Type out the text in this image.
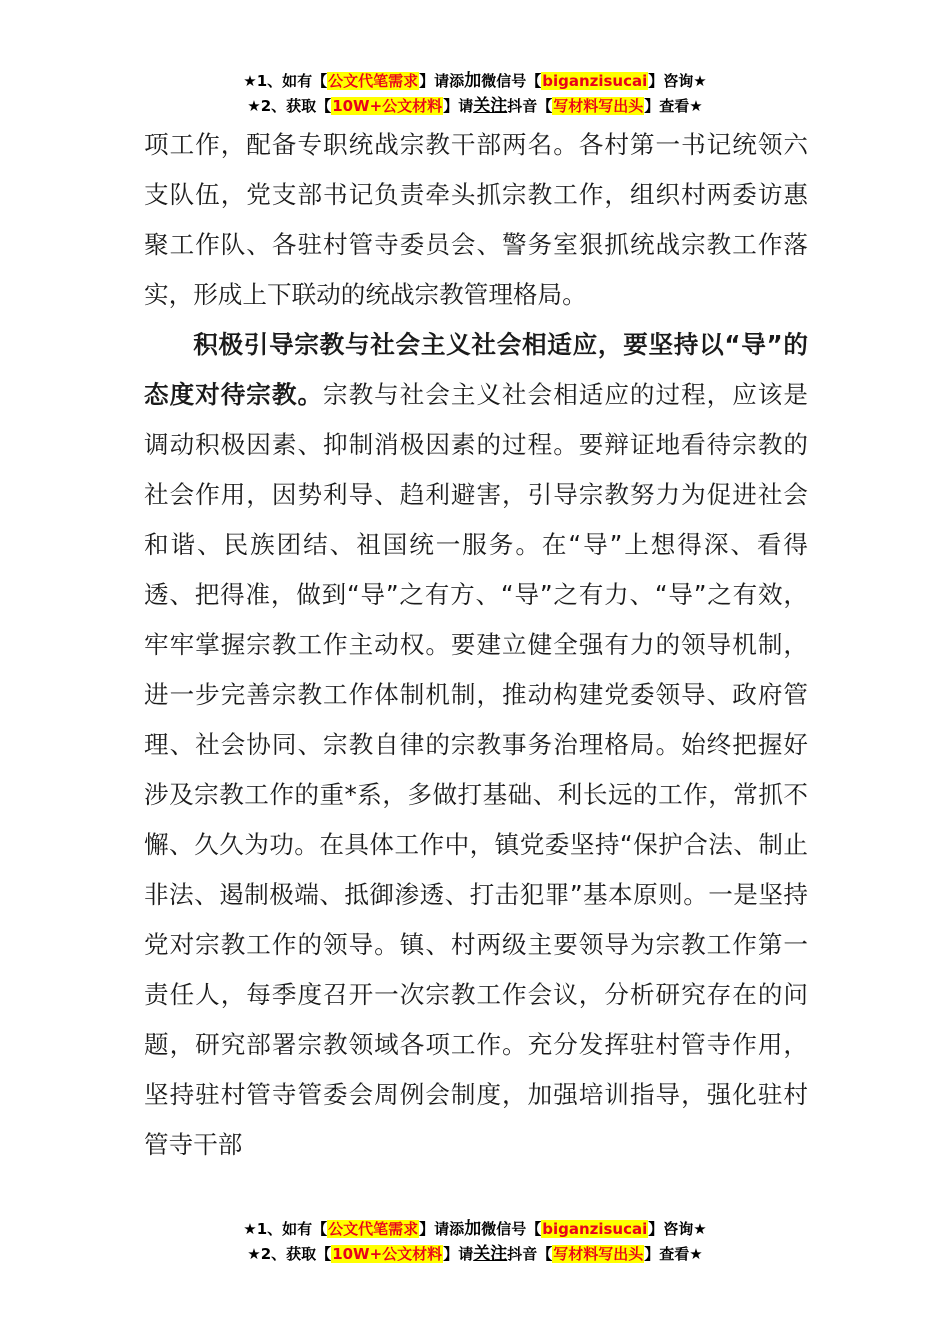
★1、如有【公文代笔需求】请添加微信号【biganzisucai】咨询★
★2、获取【10W+公文材料】请关注抖音【写材料写出头】查看★

项工作，配备专职统战宗教干部两名。各村第一书记统领六支队伍，党支部书记负责牵头抓宗教工作，组织村两委访惠聚工作队、各驻村管寺委员会、警务室狠抓统战宗教工作落实，形成上下联动的统战宗教管理格局。

积极引导宗教与社会主义社会相适应，要坚持以“导”的态度对待宗教。宗教与社会主义社会相适应的过程，应该是调动积极因素、抑制消极因素的过程。要辩证地看待宗教的社会作用，因势利导、趋利避害，引导宗教努力为促进社会和谐、民族团结、祖国统一服务。在“导”上想得深、看得透、把得准，做到“导”之有方、“导”之有力、“导”之有效，牢牢掌握宗教工作主动权。要建立健全强有力的领导机制，进一步完善宗教工作体制机制，推动构建党委领导、政府管理、社会协同、宗教自律的宗教事务治理格局。始终把握好涉及宗教工作的重*系，多做打基础、利长远的工作，常抓不懈、久久为功。在具体工作中，镇党委坚持“保护合法、制止非法、遏制极端、抵御渗透、打击犯罪”基本原则。一是坚持党对宗教工作的领导。镇、村两级主要领导为宗教工作第一责任人，每季度召开一次宗教工作会议，分析研究存在的问题，研究部署宗教领域各项工作。充分发挥驻村管寺作用，坚持驻村管寺管委会周例会制度，加强培训指导，强化驻村管寺干部

★1、如有【公文代笔需求】请添加微信号【biganzisucai】咨询★
★2、获取【10W+公文材料】请关注抖音【写材料写出头】查看★
